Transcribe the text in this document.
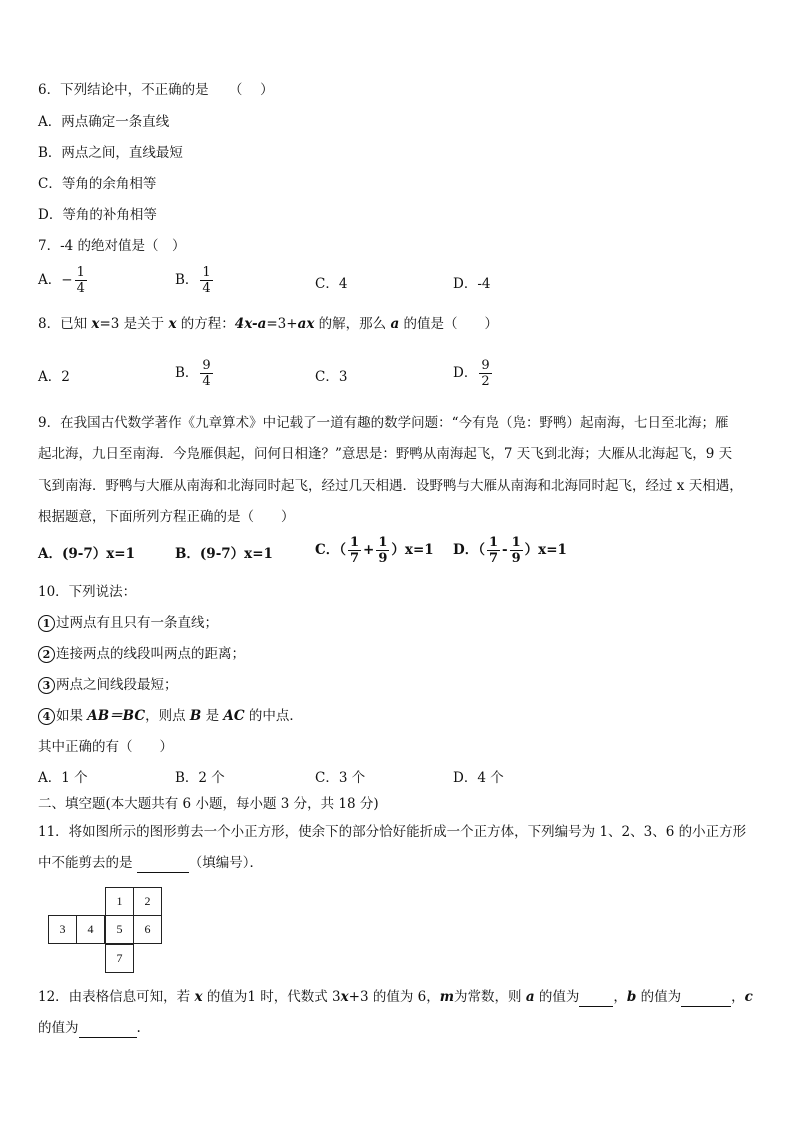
6．下列结论中，不正确的是　　（　 ）
A．两点确定一条直线
B．两点之间，直线最短
C．等角的余角相等
D．等角的补角相等
7．-4 的绝对值是（　）
A．− $\frac{1}{4}$	B． $\frac{1}{4}$	C．4	D．-4
8．已知 x=3 是关于 x 的方程：4x-a=3+ax 的解，那么 a 的值是（　　）
A．2	B． $\frac{9}{4}$	C．3	D． $\frac{9}{2}$
9．在我国古代数学著作《九章算术》中记载了一道有趣的数学问题：“今有凫（凫：野鸭）起南海，七日至北海；雁
起北海，九日至南海．今凫雁俱起，问何日相逢？”意思是：野鸭从南海起飞，7 天飞到北海；大雁从北海起飞，9 天
飞到南海．野鸭与大雁从南海和北海同时起飞，经过几天相遇．设野鸭与大雁从南海和北海同时起飞，经过 x 天相遇，
根据题意，下面所列方程正确的是（　　）
A．(9-7）x=1	B．(9-7）x=1	C．（ $\frac{1}{7} + \frac{1}{9} )x=1$ D．（ $\frac{1}{7} - \frac{1}{9} )x=1$
10．下列说法：
1 过两点有且只有一条直线；
2 连接两点的线段叫两点的距离；
3 两点之间线段最短；
4 如果 AB＝BC，则点 B 是 AC 的中点．
其中正确的有（　　）
A．1 个	B．2 个	C．3 个	D．4 个
二、填空题(本大题共有 6 小题，每小题 3 分，共 18 分)
11．将如图所示的图形剪去一个小正方形，使余下的部分恰好能折成一个正方体，下列编号为 1、2、3、6 的小正方形
中不能剪去的是	（填编号）．
1	2
3	4	5	6
7
12．由表格信息可知，若 x 的值为1 时，代数式 3x+3 的值为 6，m为常数，则 a 的值为	，b 的值为	，c
的值为	.
